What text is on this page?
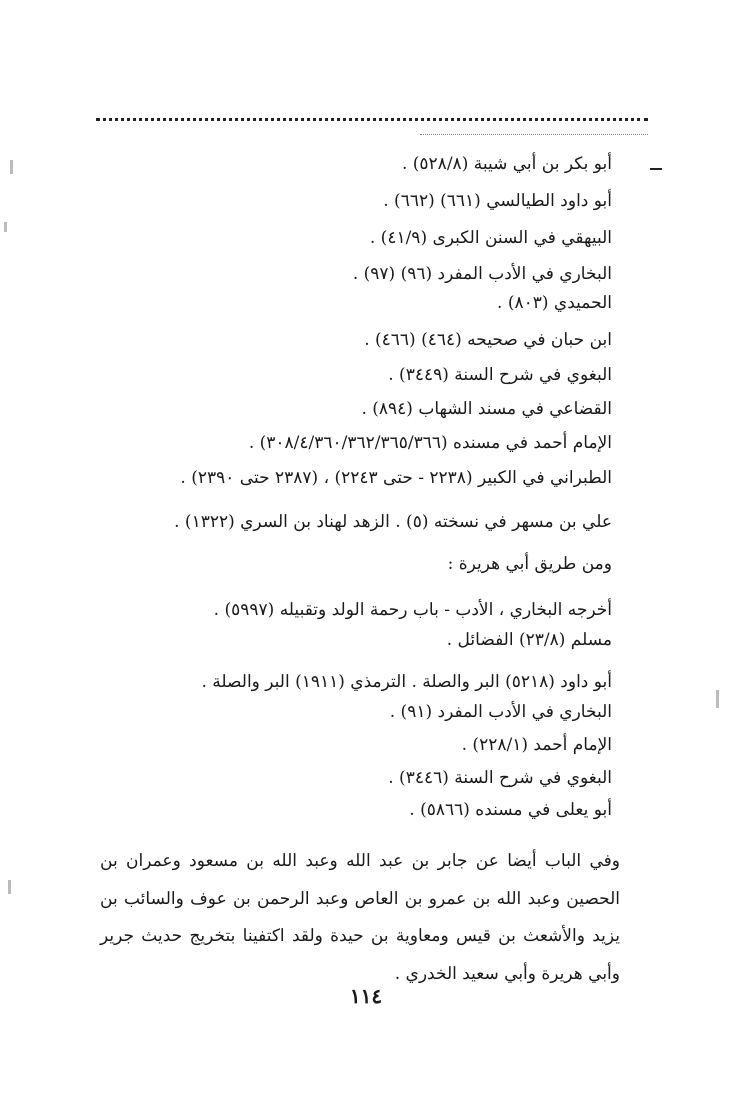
أبو بكر بن أبي شيبة (٥٢٨/٨) .
أبو داود الطيالسي (٦٦١) (٦٦٢) .
البيهقي في السنن الكبرى (٤١/٩) .
البخاري في الأدب المفرد (٩٦) (٩٧) .
الحميدي (٨٠٣) .
ابن حبان في صحيحه (٤٦٤) (٤٦٦) .
البغوي في شرح السنة (٣٤٤٩) .
القضاعي في مسند الشهاب (٨٩٤) .
الإمام أحمد في مسنده (٣٠٨/٤/٣٦٠/٣٦٢/٣٦٥/٣٦٦) .
الطبراني في الكبير (٢٢٣٨ - حتى ٢٢٤٣) ، (٢٣٨٧ حتى ٢٣٩٠) .
علي بن مسهر في نسخته (٥) . الزهد لهناد بن السري (١٣٢٢) .
ومن طريق أبي هريرة :
أخرجه البخاري ، الأدب - باب رحمة الولد وتقبيله (٥٩٩٧) .
مسلم (٢٣/٨) الفضائل .
أبو داود (٥٢١٨) البر والصلة . الترمذي (١٩١١) البر والصلة .
البخاري في الأدب المفرد (٩١) .
الإمام أحمد (٢٢٨/١) .
البغوي في شرح السنة (٣٤٤٦) .
أبو يعلى في مسنده (٥٨٦٦) .
وفي الباب أيضا عن جابر بن عبد الله وعبد الله بن مسعود وعمران بن الحصين وعبد الله بن عمرو بن العاص وعبد الرحمن بن عوف والسائب بن يزيد والأشعث بن قيس ومعاوية بن حيدة ولقد اكتفينا بتخريج حديث جرير وأبي هريرة وأبي سعيد الخدري .
١١٤
